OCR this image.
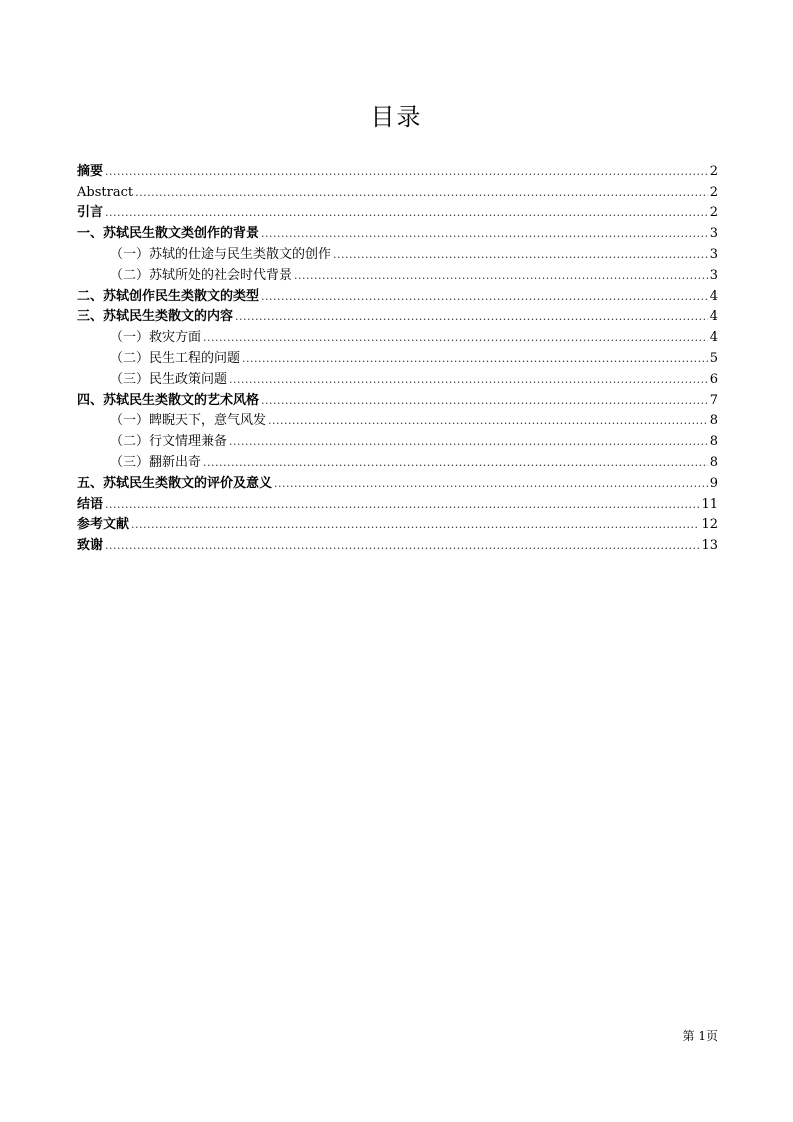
目录
摘要 .....	2
Abstract .....	2
引言 .....	2
一、苏轼民生散文类创作的背景 .....	3
（一）苏轼的仕途与民生类散文的创作 .....	3
（二）苏轼所处的社会时代背景 .....	3
二、苏轼创作民生类散文的类型 .....	4
三、苏轼民生类散文的内容 .....	4
（一）救灾方面 .....	4
（二）民生工程的问题 .....	5
（三）民生政策问题 .....	6
四、苏轼民生类散文的艺术风格 .....	7
（一）睥睨天下，意气风发 .....	8
（二）行文情理兼备 .....	8
（三）翻新出奇 .....	8
五、苏轼民生类散文的评价及意义 .....	9
结语 .....	11
参考文献 .....	12
致谢 .....	13
第 1页
